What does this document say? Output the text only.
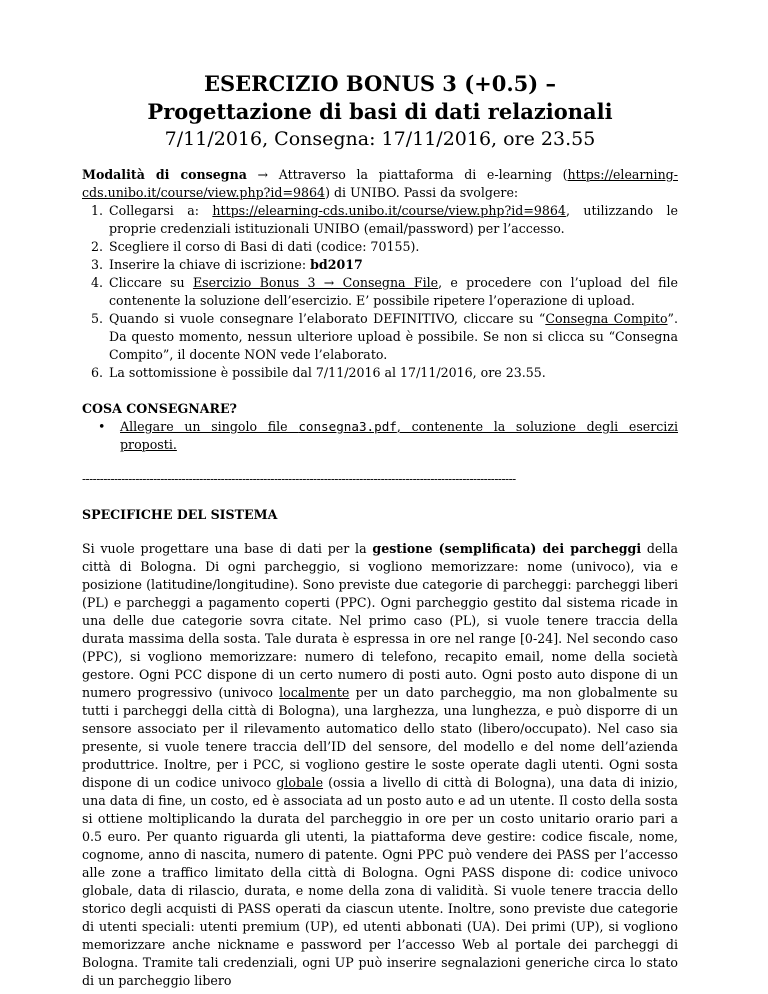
ESERCIZIO BONUS 3 (+0.5) –
Progettazione di basi di dati relazionali

7/11/2016, Consegna: 17/11/2016, ore 23.55

Modalità di consegna → Attraverso la piattaforma di e-learning (https://elearning-cds.unibo.it/course/view.php?id=9864) di UNIBO. Passi da svolgere:

1. Collegarsi a: https://elearning-cds.unibo.it/course/view.php?id=9864, utilizzando le proprie credenziali istituzionali UNIBO (email/password) per l’accesso.
2. Scegliere il corso di Basi di dati (codice: 70155).
3. Inserire la chiave di iscrizione: bd2017
4. Cliccare su Esercizio Bonus 3 → Consegna File, e procedere con l’upload del file contenente la soluzione dell’esercizio. E’ possibile ripetere l’operazione di upload.
5. Quando si vuole consegnare l’elaborato DEFINITIVO, cliccare su “Consegna Compito”. Da questo momento, nessun ulteriore upload è possibile. Se non si clicca su “Consegna Compito”, il docente NON vede l’elaborato.
6. La sottomissione è possibile dal 7/11/2016 al 17/11/2016, ore 23.55.

COSA CONSEGNARE?

• Allegare un singolo file consegna3.pdf, contenente la soluzione degli esercizi proposti.
--------------------------------------------------------------------------------------------------------------------------

SPECIFICHE DEL SISTEMA

Si vuole progettare una base di dati per la gestione (semplificata) dei parcheggi della città di Bologna. Di ogni parcheggio, si vogliono memorizzare: nome (univoco), via e posizione (latitudine/longitudine). Sono previste due categorie di parcheggi: parcheggi liberi (PL) e parcheggi a pagamento coperti (PPC). Ogni parcheggio gestito dal sistema ricade in una delle due categorie sovra citate. Nel primo caso (PL), si vuole tenere traccia della durata massima della sosta. Tale durata è espressa in ore nel range [0-24]. Nel secondo caso (PPC), si vogliono memorizzare: numero di telefono, recapito email, nome della società gestore. Ogni PCC dispone di un certo numero di posti auto. Ogni posto auto dispone di un numero progressivo (univoco localmente per un dato parcheggio, ma non globalmente su tutti i parcheggi della città di Bologna), una larghezza, una lunghezza, e può disporre di un sensore associato per il rilevamento automatico dello stato (libero/occupato). Nel caso sia presente, si vuole tenere traccia dell’ID del sensore, del modello e del nome dell’azienda produttrice. Inoltre, per i PCC, si vogliono gestire le soste operate dagli utenti. Ogni sosta dispone di un codice univoco globale (ossia a livello di città di Bologna), una data di inizio, una data di fine, un costo, ed è associata ad un posto auto e ad un utente. Il costo della sosta si ottiene moltiplicando la durata del parcheggio in ore per un costo unitario orario pari a 0.5 euro. Per quanto riguarda gli utenti, la piattaforma deve gestire: codice fiscale, nome, cognome, anno di nascita, numero di patente. Ogni PPC può vendere dei PASS per l’accesso alle zone a traffico limitato della città di Bologna. Ogni PASS dispone di: codice univoco globale, data di rilascio, durata, e nome della zona di validità. Si vuole tenere traccia dello storico degli acquisti di PASS operati da ciascun utente. Inoltre, sono previste due categorie di utenti speciali: utenti premium (UP), ed utenti abbonati (UA). Dei primi (UP), si vogliono memorizzare anche nickname e password per l’accesso Web al portale dei parcheggi di Bologna. Tramite tali credenziali, ogni UP può inserire segnalazioni generiche circa lo stato di un parcheggio libero
